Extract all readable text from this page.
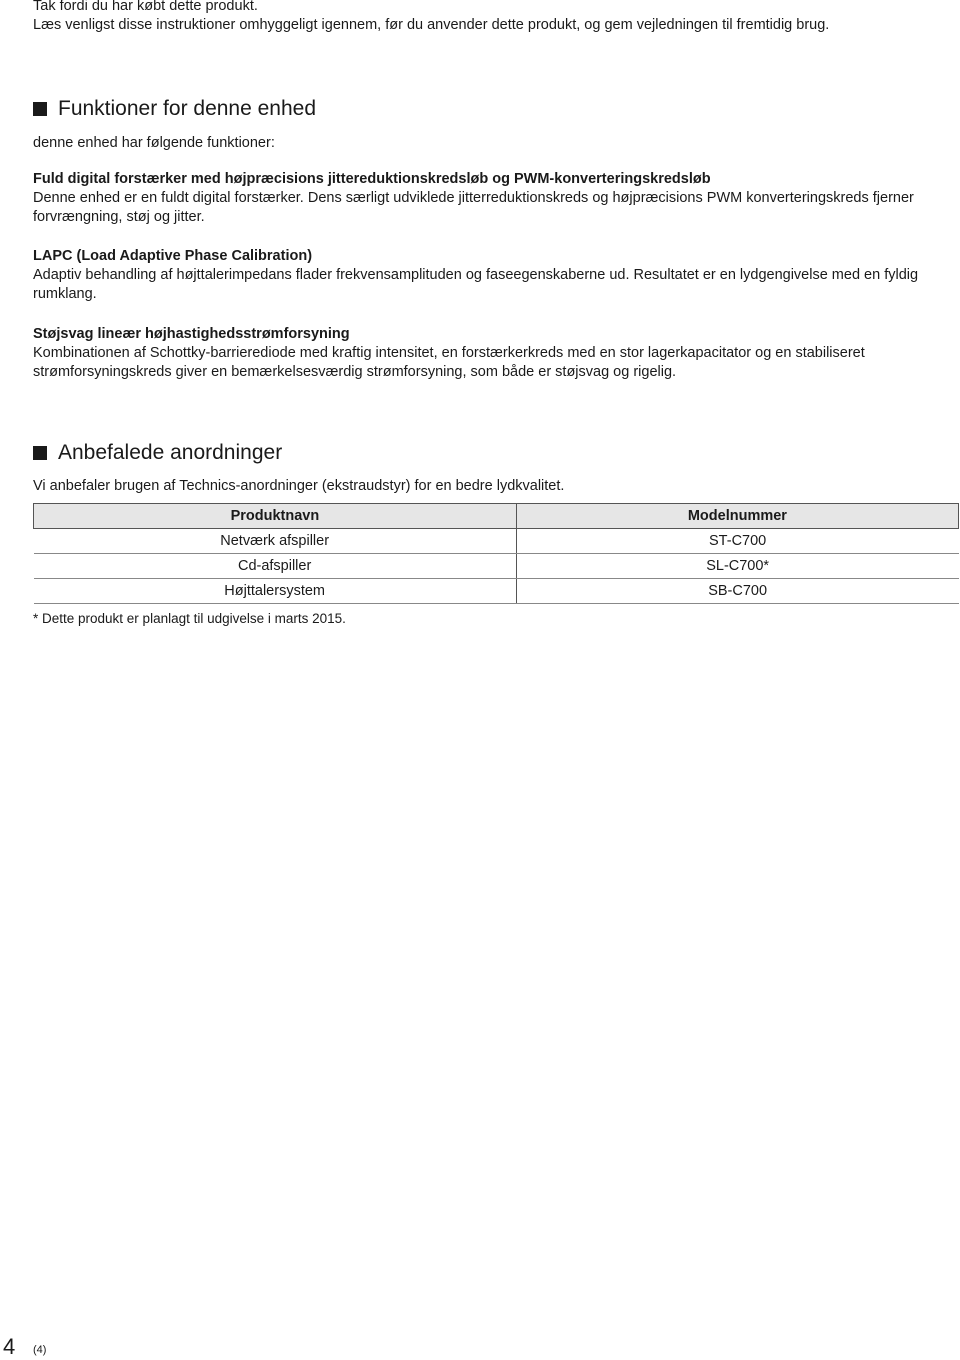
Tak fordi du har købt dette produkt.

Læs venligst disse instruktioner omhyggeligt igennem, før du anvender dette produkt, og gem vejledningen til fremtidig brug.

Funktioner for denne enhed

denne enhed har følgende funktioner:

Fuld digital forstærker med højpræcisions jittereduktionskredsløb og PWM-konverteringskredsløb

Denne enhed er en fuldt digital forstærker. Dens særligt udviklede jitterreduktionskreds og højpræcisions PWM konverteringskreds fjerner forvrængning, støj og jitter.

LAPC (Load Adaptive Phase Calibration)

Adaptiv behandling af højttalerimpedans flader frekvensamplituden og faseegenskaberne ud. Resultatet er en lydgengivelse med en fyldig rumklang.

Støjsvag lineær højhastighedsstrømforsyning

Kombinationen af Schottky-barrierediode med kraftig intensitet, en forstærkerkreds med en stor lagerkapacitator og en stabiliseret strømforsyningskreds giver en bemærkelsesværdig strømforsyning, som både er støjsvag og rigelig.

Anbefalede anordninger

Vi anbefaler brugen af Technics-anordninger (ekstraudstyr) for en bedre lydkvalitet.

Produktnavn	Modelnummer
Netværk afspiller	ST-C700
Cd-afspiller	SL-C700*
Højttalersystem	SB-C700
* Dette produkt er planlagt til udgivelse i marts 2015.
4 (4)
